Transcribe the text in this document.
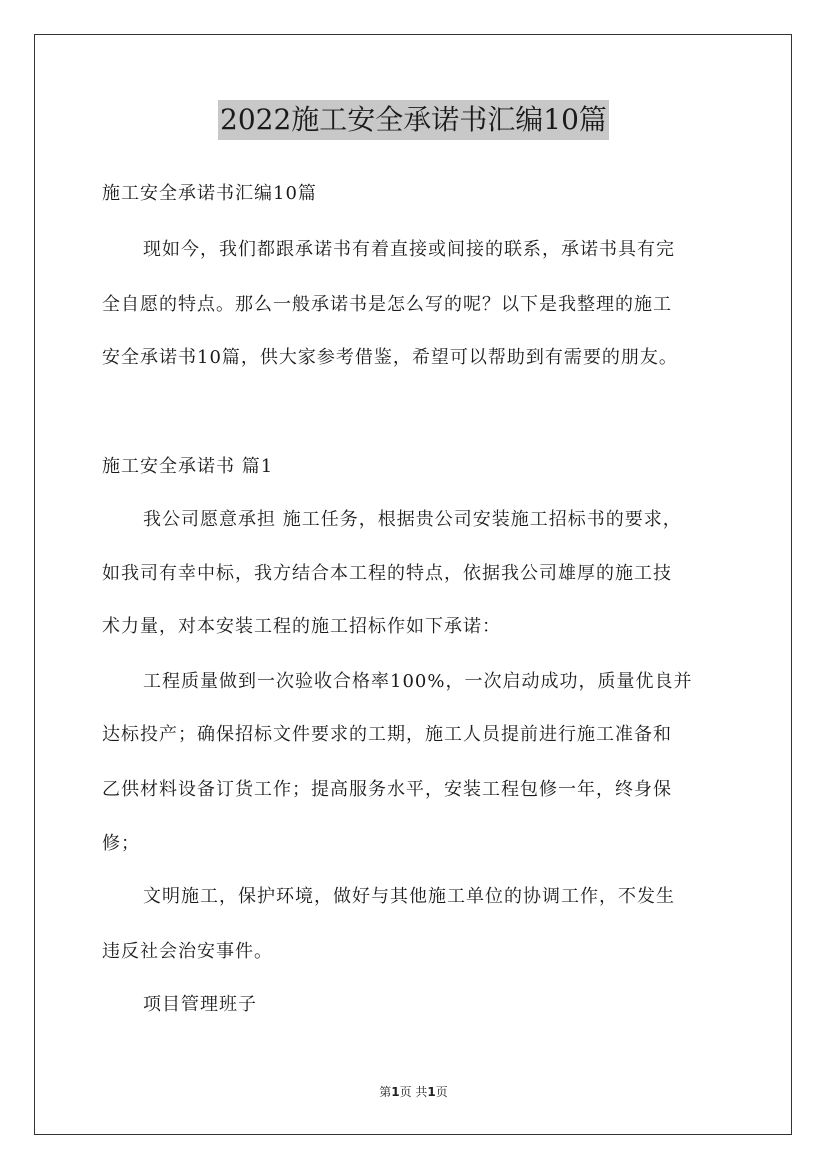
2022施工安全承诺书汇编10篇
施工安全承诺书汇编10篇
现如今，我们都跟承诺书有着直接或间接的联系，承诺书具有完
全自愿的特点。那么一般承诺书是怎么写的呢？以下是我整理的施工
安全承诺书10篇，供大家参考借鉴，希望可以帮助到有需要的朋友。
施工安全承诺书 篇1
我公司愿意承担 施工任务，根据贵公司安装施工招标书的要求，
如我司有幸中标，我方结合本工程的特点，依据我公司雄厚的施工技
术力量，对本安装工程的施工招标作如下承诺：
工程质量做到一次验收合格率100%，一次启动成功，质量优良并
达标投产；确保招标文件要求的工期，施工人员提前进行施工准备和
乙供材料设备订货工作；提高服务水平，安装工程包修一年，终身保
修；
文明施工，保护环境，做好与其他施工单位的协调工作，不发生
违反社会治安事件。
项目管理班子
第1页 共1页
